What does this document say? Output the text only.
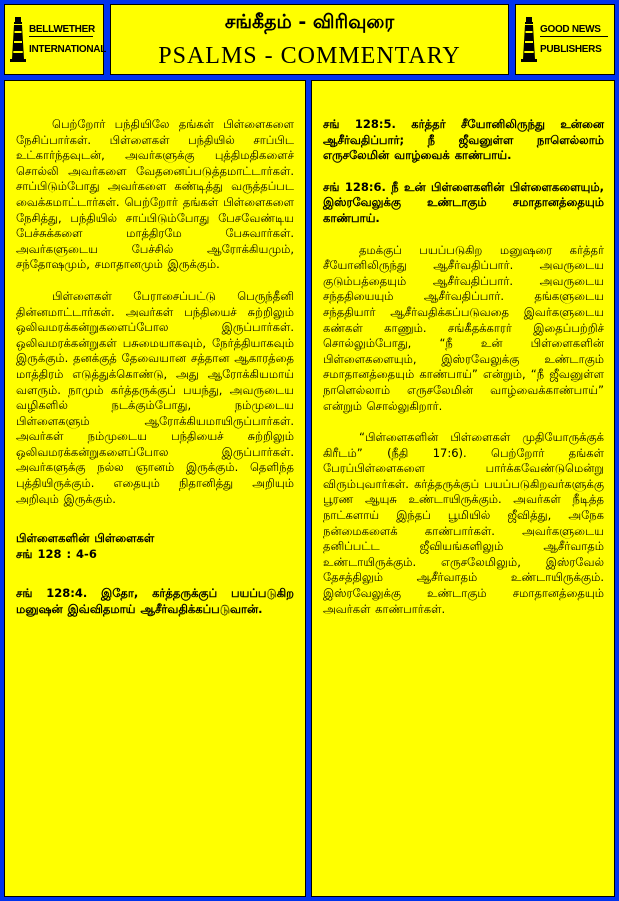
BELLWETHER
INTERNATIONAL
சங்கீதம் - விரிவுரை
PSALMS - COMMENTARY
GOOD NEWS
PUBLISHERS

பெற்றோர் பந்தியிலே தங்கள் பிள்ளைகளை நேசிப்பார்கள். பிள்ளைகள் பந்தியில் சாப்பிட உட்கார்ந்தவுடன், அவர்களுக்கு புத்திமதிகளைச் சொல்லி அவர்களை வேதனைப்படுத்தமாட்டார்கள். சாப்பிடும்போது அவர்களை கண்டித்து வருத்தப்பட வைக்கமாட்டார்கள். பெற்றோர் தங்கள் பிள்ளைகளை நேசித்து, பந்தியில் சாப்பிடும்போது பேசவேண்டிய பேச்சுக்களை மாத்திரமே பேசுவார்கள். அவர்களுடைய பேச்சில் ஆரோக்கியமும், சந்தோஷமும், சமாதானமும் இருக்கும்.

பிள்ளைகள் பேராசைப்பட்டு பெருந்தீனி தின்னமாட்டார்கள். அவர்கள் பந்தியைச் சுற்றிலும் ஒலிவமரக்கன்றுகளைப்போல இருப்பார்கள். ஒலிவமரக்கன்றுகள் பசுமையாகவும், நேர்த்தியாகவும் இருக்கும். தனக்குத் தேவையான சத்தான ஆகாரத்தை மாத்திரம் எடுத்துக்கொண்டு, அது ஆரோக்கியமாய் வளரும். நாமும் கர்த்தருக்குப் பயந்து, அவருடைய வழிகளில் நடக்கும்போது, நம்முடைய பிள்ளைகளும் ஆரோக்கியமாயிருப்பார்கள். அவர்கள் நம்முடைய பந்தியைச் சுற்றிலும் ஒலிவமரக்கன்றுகளைப்போல இருப்பார்கள். அவர்களுக்கு நல்ல ஞானம் இருக்கும். தெளிந்த புத்தியிருக்கும். எதையும் நிதானித்து அறியும் அறிவும் இருக்கும்.

பிள்ளைகளின் பிள்ளைகள்

சங் 128 : 4-6

சங் 128:4. இதோ, கர்த்தருக்குப் பயப்படுகிற மனுஷன் இவ்விதமாய் ஆசீர்வதிக்கப்படுவான்.

சங் 128:5. கர்த்தர் சீயோனிலிருந்து உன்னை ஆசீர்வதிப்பார்; நீ ஜீவனுள்ள நாளெல்லாம் எருசலேமின் வாழ்வைக் காண்பாய்.

சங் 128:6. நீ உன் பிள்ளைகளின் பிள்ளைகளையும், இஸ்ரவேலுக்கு உண்டாகும் சமாதானத்தையும் காண்பாய்.

தமக்குப் பயப்படுகிற மனுஷரை கர்த்தர் சீயோனிலிருந்து ஆசீர்வதிப்பார். அவருடைய குடும்பத்தையும் ஆசீர்வதிப்பார். அவருடைய சந்ததியையும் ஆசீர்வதிப்பார். தங்களுடைய சந்ததியார் ஆசீர்வதிக்கப்படுவதை இவர்களுடைய கண்கள் காணும். சங்கீதக்காரர் இதைப்பற்றிச் சொல்லும்போது, “நீ உன் பிள்ளைகளின் பிள்ளைகளையும், இஸ்ரவேலுக்கு உண்டாகும் சமாதானத்தையும் காண்பாய்” என்றும், “நீ ஜீவனுள்ள நாளெல்லாம் எருசலேமின் வாழ்வைக்காண்பாய்” என்றும் சொல்லுகிறார்.

“பிள்ளைகளின் பிள்ளைகள் முதியோருக்குக் கிரீடம்” (நீதி 17:6). பெற்றோர் தங்கள் பேரப்பிள்ளைகளை பார்க்கவேண்டுமென்று விரும்புவார்கள். கர்த்தருக்குப் பயப்படுகிறவர்களுக்கு பூரண ஆயுசு உண்டாயிருக்கும். அவர்கள் நீடித்த நாட்களாய் இந்தப் பூமியில் ஜீவித்து, அநேக நன்மைகளைக் காண்பார்கள். அவர்களுடைய தனிப்பட்ட ஜீவியங்களிலும் ஆசீர்வாதம் உண்டாயிருக்கும். எருசலேமிலும், இஸ்ரவேல் தேசத்திலும் ஆசீர்வாதம் உண்டாயிருக்கும். இஸ்ரவேலுக்கு உண்டாகும் சமாதானத்தையும் அவர்கள் காண்பார்கள்.
